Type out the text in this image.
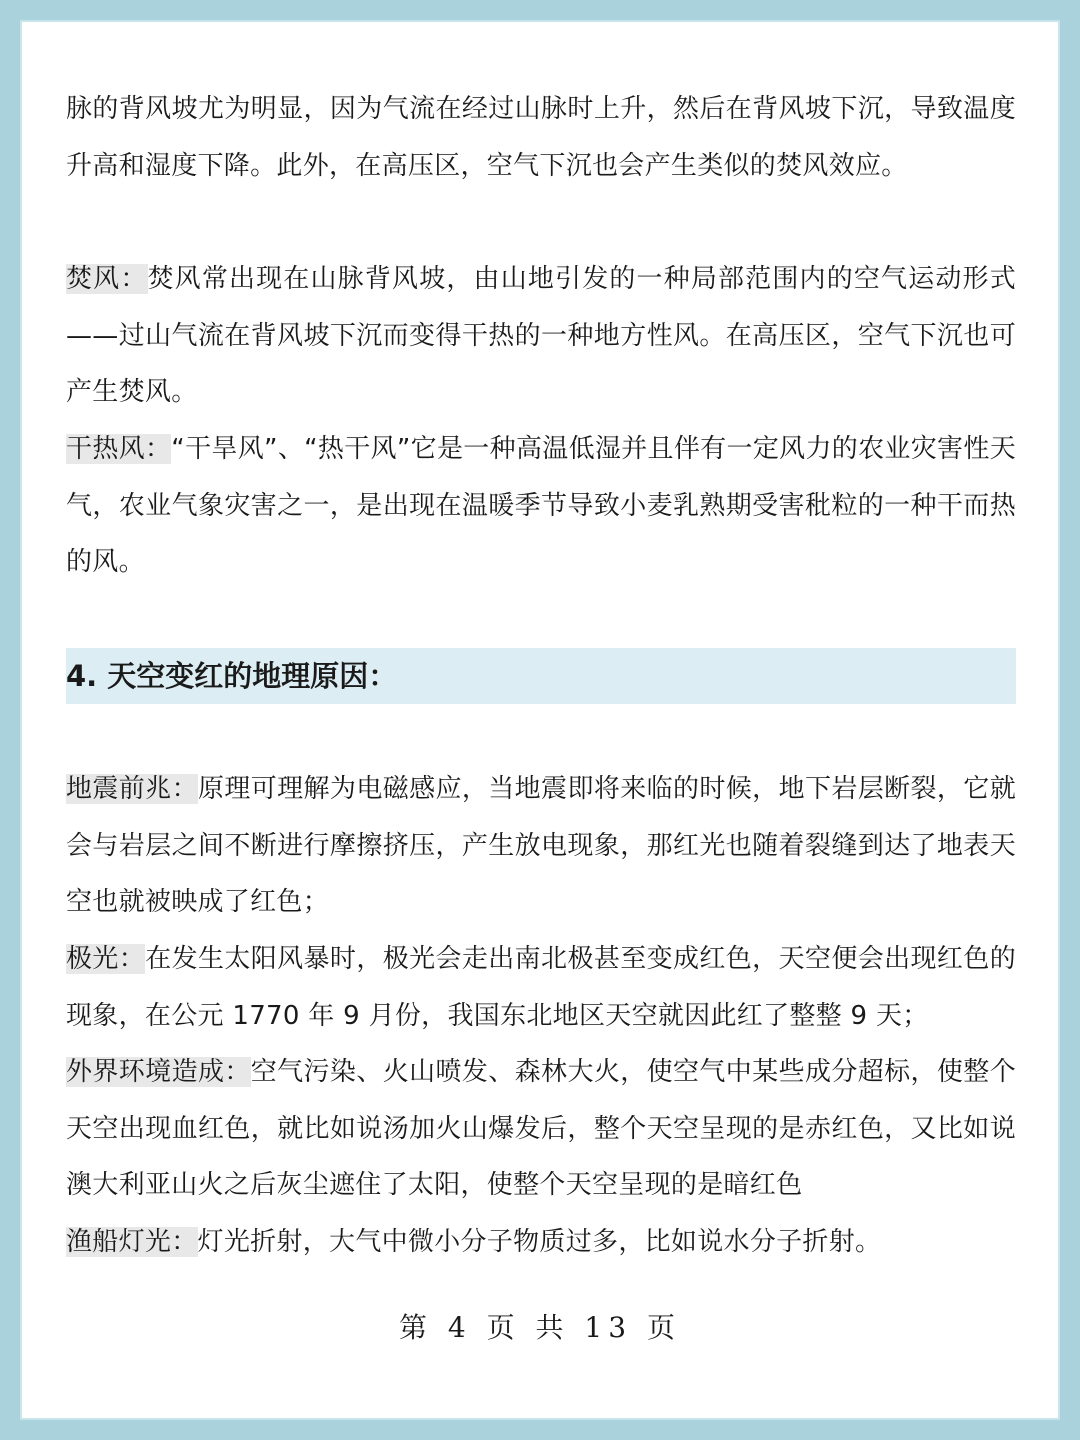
脉的背风坡尤为明显，因为气流在经过山脉时上升，然后在背风坡下沉，导致温度升高和湿度下降。此外，在高压区，空气下沉也会产生类似的焚风效应。
焚风：焚风常出现在山脉背风坡，由山地引发的一种局部范围内的空气运动形式——过山气流在背风坡下沉而变得干热的一种地方性风。在高压区，空气下沉也可产生焚风。
干热风：“干旱风”、“热干风”它是一种高温低湿并且伴有一定风力的农业灾害性天气，农业气象灾害之一，是出现在温暖季节导致小麦乳熟期受害秕粒的一种干而热的风。
4. 天空变红的地理原因：
地震前兆：原理可理解为电磁感应，当地震即将来临的时候，地下岩层断裂，它就会与岩层之间不断进行摩擦挤压，产生放电现象，那红光也随着裂缝到达了地表天空也就被映成了红色；
极光：在发生太阳风暴时，极光会走出南北极甚至变成红色，天空便会出现红色的现象，在公元 1770 年 9 月份，我国东北地区天空就因此红了整整 9 天；
外界环境造成：空气污染、火山喷发、森林大火，使空气中某些成分超标，使整个天空出现血红色，就比如说汤加火山爆发后，整个天空呈现的是赤红色，又比如说澳大利亚山火之后灰尘遮住了太阳，使整个天空呈现的是暗红色
渔船灯光：灯光折射，大气中微小分子物质过多，比如说水分子折射。
第 4 页 共 13 页
